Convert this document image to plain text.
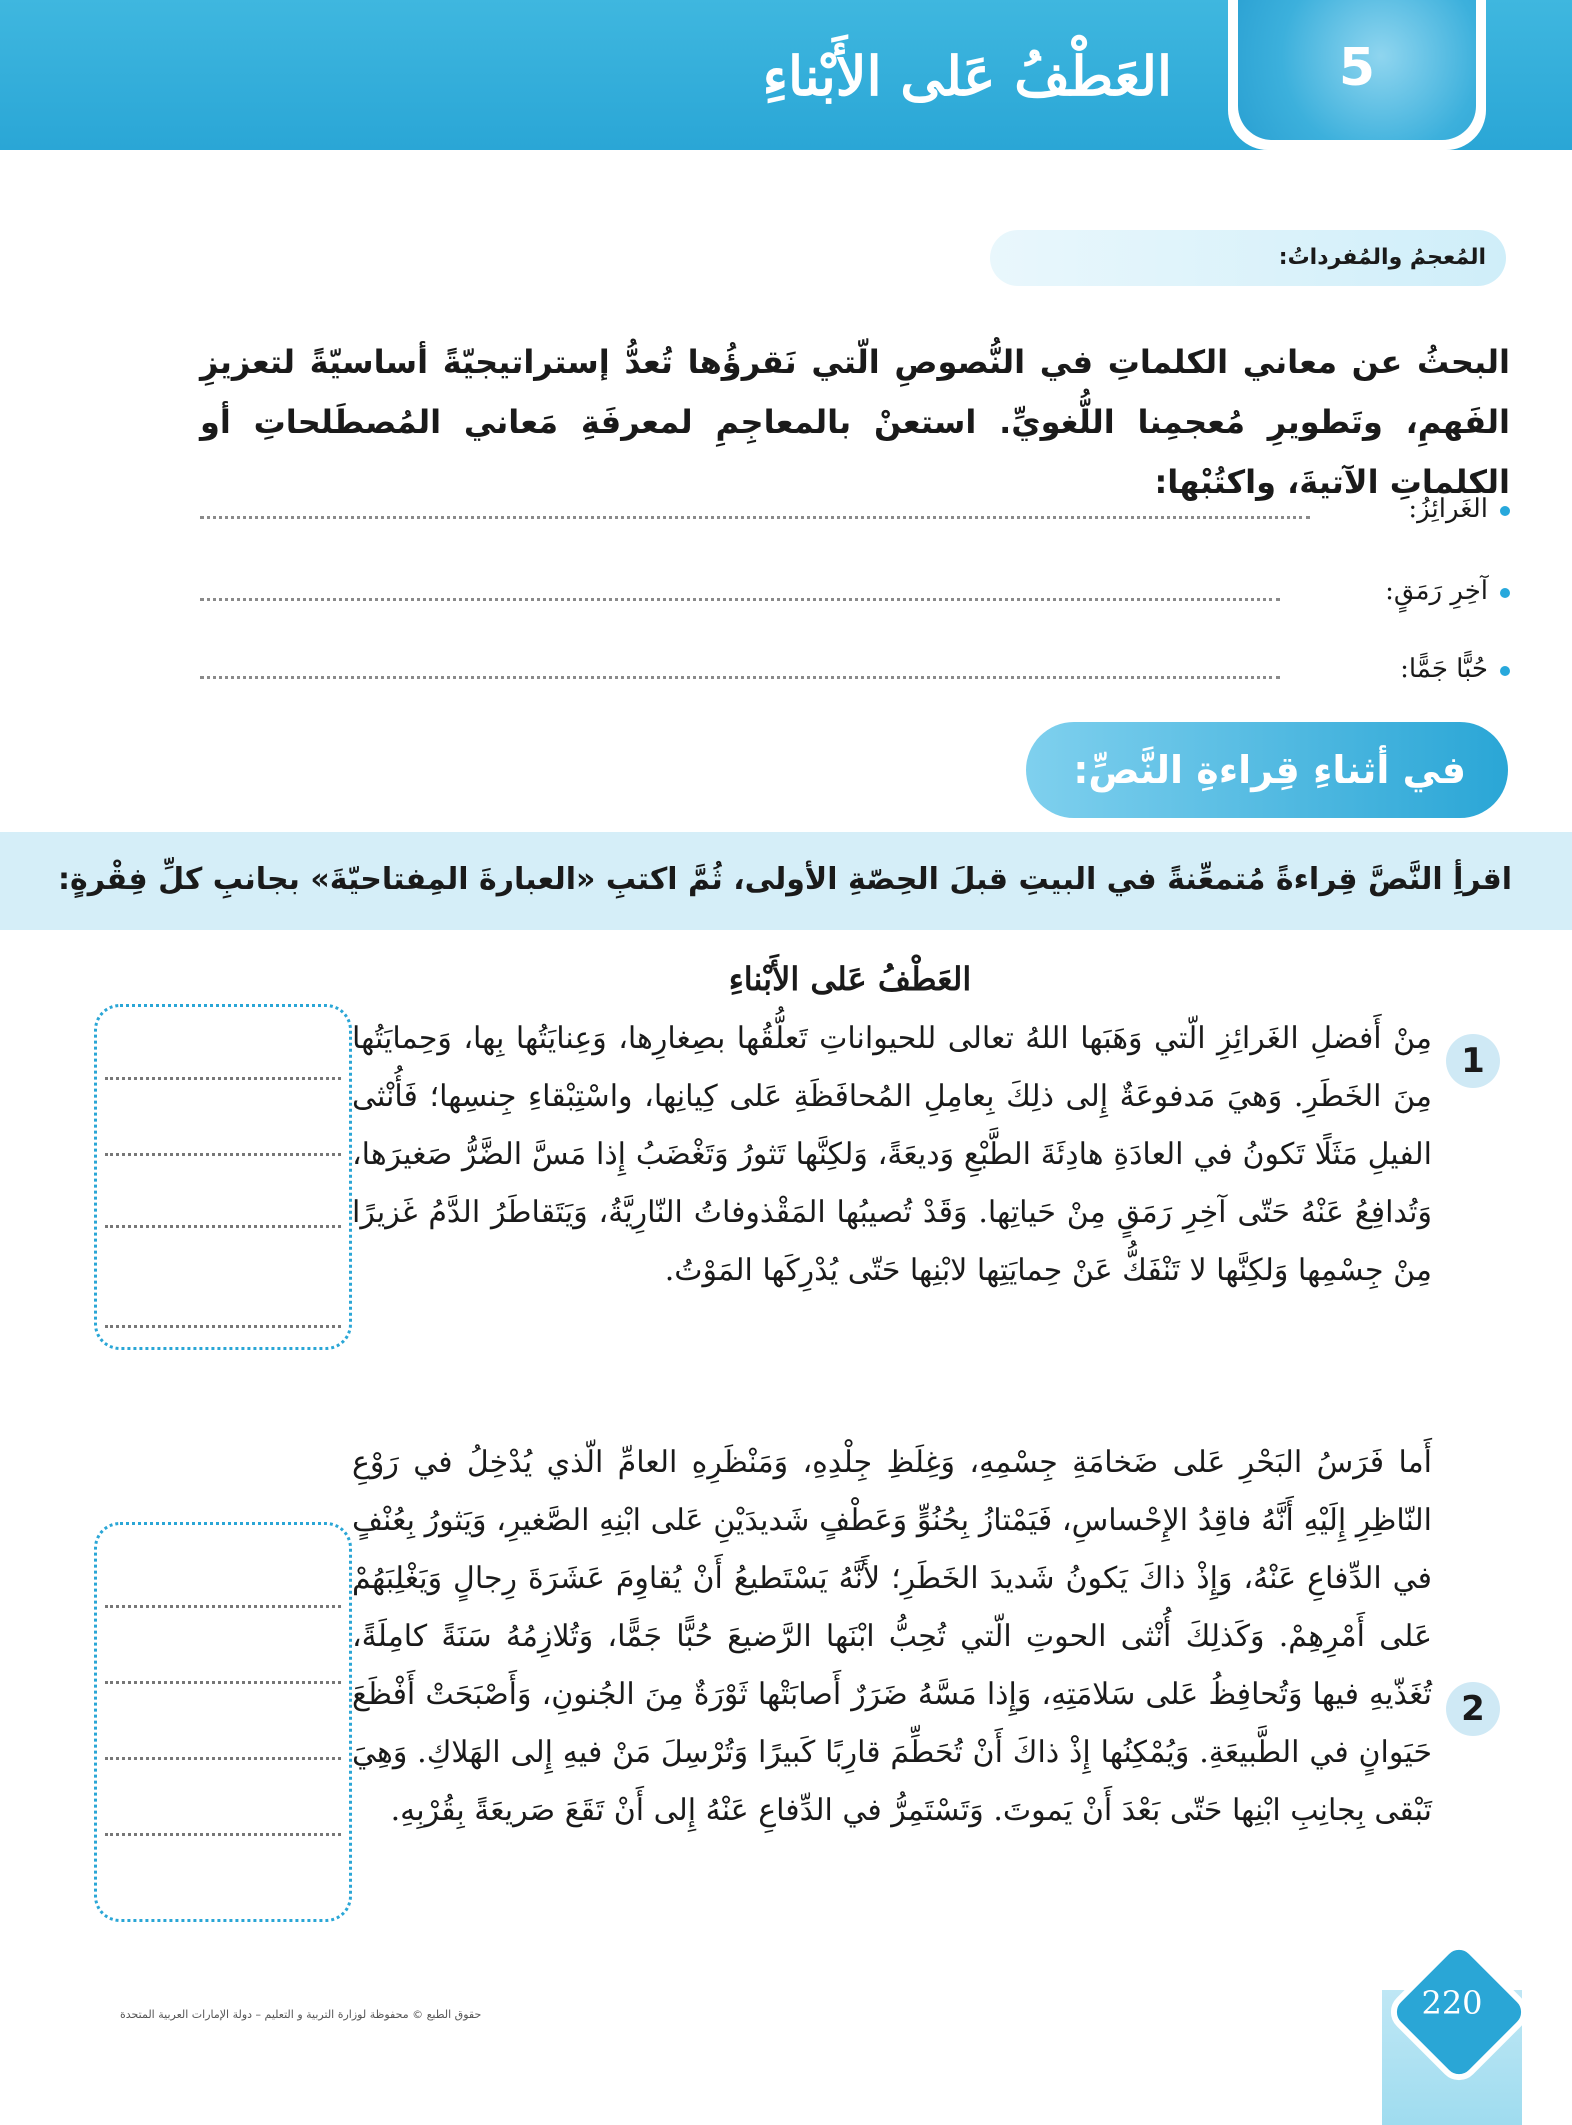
5
العَطْفُ عَلى الأَبْناءِ
المُعجمُ والمُفرداتُ:
البحثُ عن معاني الكلماتِ في النُّصوصِ الّتي نَقرؤُها تُعدُّ إستراتيجيّةً أساسيّةً لتعزيزِ الفَهمِ، وتَطويرِ مُعجمِنا اللُّغويِّ. استعنْ بالمعاجِمِ لمعرفَةِ مَعاني المُصطَلحاتِ أو الكلماتِ الآتيةَ، واكتُبْها:
الغَرائِزُ:
آخِرِ رَمَقٍ:
حُبًّا جَمًّا:
في أثناءِ قِراءةِ النَّصِّ:
اقرأِ النَّصَّ قِراءةً مُتمعِّنةً في البيتِ قبلَ الحِصّةِ الأولى، ثُمَّ اكتبِ «العبارةَ المِفتاحيّةَ» بجانبِ كلِّ فِقْرةٍ:
العَطْفُ عَلى الأَبْناءِ
1
مِنْ أَفضلِ الغَرائِزِ الّتي وَهَبَها اللهُ تعالى للحيواناتِ تَعلُّقُها بصِغارِها، وَعِنايَتُها بِها، وَحِمايَتُها مِنَ الخَطَرِ. وَهيَ مَدفوعَةٌ إِلى ذلِكَ بِعامِلِ المُحافَظَةِ عَلى كِيانِها، واسْتِبْقاءِ جِنسِها؛ فَأُنْثى الفيلِ مَثَلًا تَكونُ في العادَةِ هادِئَةَ الطَّبْعِ وَديعَةً، وَلكِنَّها تَثورُ وَتَغْضَبُ إِذا مَسَّ الضَّرُّ صَغيرَها، وَتُدافِعُ عَنْهُ حَتّى آخِرِ رَمَقٍ مِنْ حَياتِها. وَقَدْ تُصيبُها المَقْذوفاتُ النّارِيَّةُ، وَيَتَقاطَرُ الدَّمُ غَزيرًا مِنْ جِسْمِها وَلكِنَّها لا تَنْفَكُّ عَنْ حِمايَتِها لابْنِها حَتّى يُدْرِكَها المَوْتُ.
2
أَما فَرَسُ البَحْرِ عَلى ضَخامَةِ جِسْمِهِ، وَغِلَظِ جِلْدِهِ، وَمَنْظَرِهِ العامِّ الّذي يُدْخِلُ في رَوْعِ النّاظِرِ إِلَيْهِ أَنَّهُ فاقِدُ الإِحْساسِ، فَيَمْتازُ بِحُنُوٍّ وَعَطْفٍ شَديدَيْنِ عَلى ابْنِهِ الصَّغيرِ، وَيَثورُ بِعُنْفٍ في الدِّفاعِ عَنْهُ، وَإِذْ ذاكَ يَكونُ شَديدَ الخَطَرِ؛ لأَنَّهُ يَسْتَطيعُ أَنْ يُقاوِمَ عَشَرَةَ رِجالٍ وَيَغْلِبَهُمْ عَلى أَمْرِهِمْ. وَكَذلِكَ أُنْثى الحوتِ الّتي تُحِبُّ ابْنَها الرَّضيعَ حُبًّا جَمًّا، وَتُلازِمُهُ سَنَةً كامِلَةً، تُغَذّيهِ فيها وَتُحافِظُ عَلى سَلامَتِهِ، وَإِذا مَسَّهُ ضَرَرٌ أَصابَتْها ثَوْرَةٌ مِنَ الجُنونِ، وَأَصْبَحَتْ أَفْظَعَ حَيَوانٍ في الطَّبيعَةِ. وَيُمْكِنُها إِذْ ذاكَ أَنْ تُحَطِّمَ قارِبًا كَبيرًا وَتُرْسِلَ مَنْ فيهِ إِلى الهَلاكِ. وَهِيَ تَبْقى بِجانِبِ ابْنِها حَتّى بَعْدَ أَنْ يَموتَ. وَتَسْتَمِرُّ في الدِّفاعِ عَنْهُ إِلى أَنْ تَقَعَ صَريعَةً بِقُرْبِهِ.
حقوق الطبع © محفوظة لوزارة التربية و التعليم – دولة الإمارات العربية المتحدة	220
